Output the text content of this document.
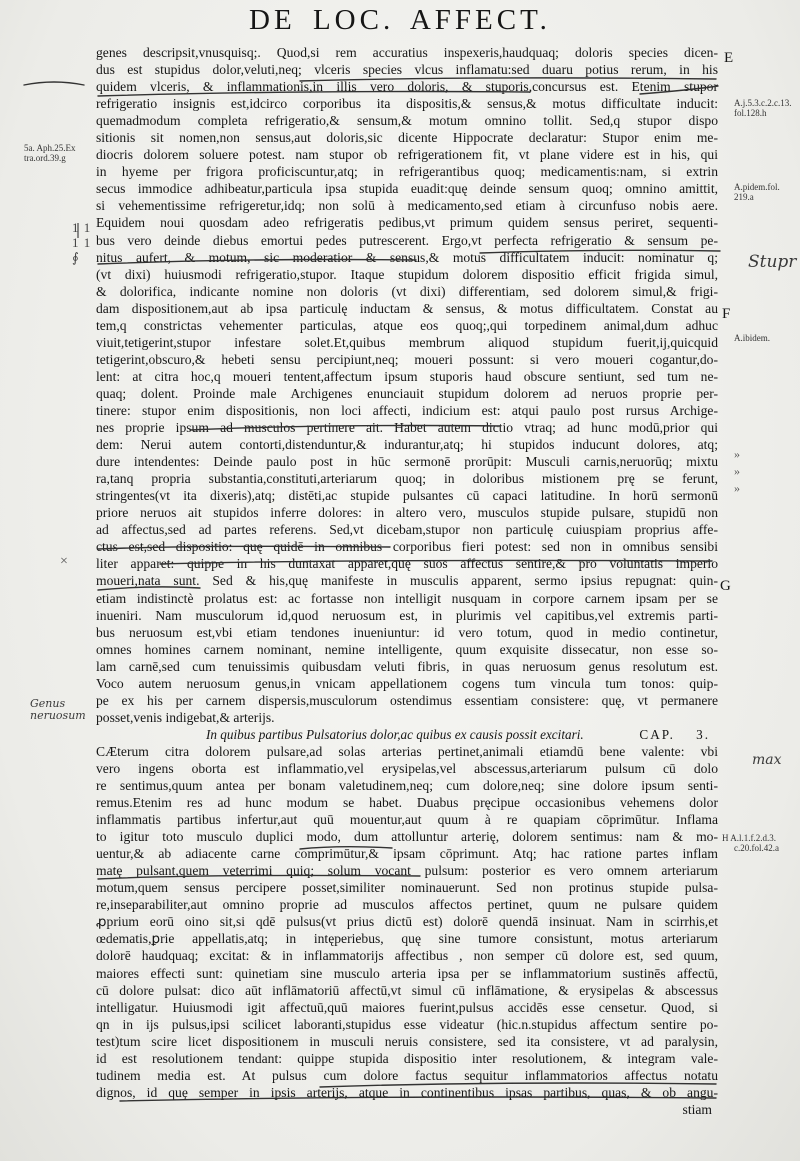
DE LOC. AFFECT.
genes descripsit,vnusquisq;. Quod,si rem accuratius inspexeris,haudquaq; doloris species dicen-
dus est stupidus dolor,veluti,neq; vlceris species vlcus inflamatu:sed duaru potius rerum, in his
quidem vlceris, & inflammationis,in illis vero doloris, & stuporis,concursus est. Etenim stupor
refrigeratio insignis est,idcirco corporibus ita dispositis,& sensus,& motus difficultate inducit:
quemadmodum completa refrigeratio,& sensum,& motum omnino tollit. Sed,q stupor dispo
sitionis sit nomen,non sensus,aut doloris,sic dicente Hippocrate declaratur: Stupor enim me-
diocris dolorem soluere potest. nam stupor ob refrigerationem fit, vt plane videre est in his, qui
in hyeme per frigora proficiscuntur,atq; in refrigerantibus quoq; medicamentis:nam, si extrin
secus immodice adhibeatur,particula ipsa stupida euadit:quę deinde sensum quoq; omnino amittit,
si vehementissime refrigeretur,idq; non solū à medicamento,sed etiam à circunfuso nobis aere.
Equidem noui quosdam adeo refrigeratis pedibus,vt primum quidem sensus periret, sequenti-
bus vero deinde diebus emortui pedes putrescerent. Ergo,vt perfecta refrigeratio & sensum pe-
nitus aufert, & motum, sic moderatior & sensus,& motus difficultatem inducit: nominatur q;
(vt dixi) huiusmodi refrigeratio,stupor. Itaque stupidum dolorem dispositio efficit frigida simul,
& dolorifica, indicante nomine non doloris (vt dixi) differentiam, sed dolorem simul,& frigi-
dam dispositionem,aut ab ipsa particulę inductam & sensus, & motus difficultatem. Constat au
tem,q constrictas vehementer particulas, atque eos quoq;,qui torpedinem animal,dum adhuc
viuit,tetigerint,stupor infestare solet.Et,quibus membrum aliquod stupidum fuerit,ij,quicquid
tetigerint,obscuro,& hebeti sensu percipiunt,neq; moueri possunt: si vero moueri cogantur,do-
lent: at citra hoc,q moueri tentent,affectum ipsum stuporis haud obscure sentiunt, sed tum ne-
quaq; dolent. Proinde male Archigenes enunciauit stupidum dolorem ad neruos proprie per-
tinere: stupor enim dispositionis, non loci affecti, indicium est: atqui paulo post rursus Archige-
nes proprie ipsum ad musculos pertinere ait. Habet autem dictio vtraq; ad hunc modū,prior qui
dem: Nerui autem contorti,distenduntur,& indurantur,atq; hi stupidos inducunt dolores, atq;
dure intendentes: Deinde paulo post in hūc sermonē prorūpit: Musculi carnis,neruorūq; mixtu
ra,tanq propria substantia,constituti,arteriarum quoq; in doloribus mistionem prę se ferunt,
stringentes(vt ita dixeris),atq; distēti,ac stupide pulsantes cū capaci latitudine. In horū sermonū
priore neruos ait stupidos inferre dolores: in altero vero, musculos stupide pulsare, stupidū non
ad affectus,sed ad partes referens. Sed,vt dicebam,stupor non particulę cuiuspiam proprius affe-
ctus est,sed dispositio: quę quidē in omnibus corporibus fieri potest: sed non in omnibus sensibi
liter apparet: quippe in his duntaxat apparet,quę suos affectus sentire,& pro voluntatis imperio
moueri,nata sunt. Sed & his,quę manifeste in musculis apparent, sermo ipsius repugnat: quin-
etiam indistinctè prolatus est: ac fortasse non intelligit nusquam in corpore carnem ipsam per se
inueniri. Nam musculorum id,quod neruosum est, in plurimis vel capitibus,vel extremis parti-
bus neruosum est,vbi etiam tendones inueniuntur: id vero totum, quod in medio continetur,
omnes homines carnem nominant, nemine intelligente, quum exquisite dissecatur, non esse so-
lam carnē,sed cum tenuissimis quibusdam veluti fibris, in quas neruosum genus resolutum est.
Voco autem neruosum genus,in vnicam appellationem cogens tum vincula tum tonos: quip-
pe ex his per carnem dispersis,musculorum ostendimus essentiam consistere: quę, vt permanere
posset,venis indigebat,& arterijs.
In quibus partibus Pulsatorius dolor,ac quibus ex causis possit excitari.	CAP. 3.
CÆterum citra dolorem pulsare,ad solas arterias pertinet,animali etiamdū bene valente: vbi
vero ingens oborta est inflammatio,vel erysipelas,vel abscessus,arteriarum pulsum cū dolo
re sentimus,quum antea per bonam valetudinem,neq; cum dolore,neq; sine dolore ipsum senti-
remus.Etenim res ad hunc modum se habet. Duabus pręcipue occasionibus vehemens dolor
inflammatis partibus infertur,aut quū mouentur,aut quum à re quapiam cōprimūtur. Inflama
to igitur toto musculo duplici modo, dum attolluntur arterię, dolorem sentimus: nam & mo-
uentur,& ab adiacente carne comprimūtur,& ipsam cōprimunt. Atq; hac ratione partes inflam
matę pulsant,quem veterrimi quiq; solum vocant pulsum: posterior es vero omnem arteriarum
motum,quem sensus percipere posset,similiter nominauerunt. Sed non protinus stupide pulsa-
re,inseparabiliter,aut omnino proprie ad musculos affectos pertinet, quum ne pulsare quidem
ꝓprium eorū oino sit,si qdē pulsus(vt prius dictū est) dolorē quendā insinuat. Nam in scirrhis,et
œdematis,ꝑrie appellatis,atq; in intęperiebus, quę sine tumore consistunt, motus arteriarum
dolorē haudquaq; excitat: & in inflammatorijs affectibus , non semper cū dolore est, sed quum,
maiores effecti sunt: quinetiam sine musculo arteria ipsa per se inflammatorium sustinēs affectū,
cū dolore pulsat: dico aūt inflāmatoriū affectū,vt simul cū inflāmatione, & erysipelas & abscessus
intelligatur. Huiusmodi igit affectuū,quū maiores fuerint,pulsus accidēs esse censetur. Quod, si
qn in ijs pulsus,ipsi scilicet laboranti,stupidus esse videatur (hic.n.stupidus affectum sentire po-
test)tum scire licet dispositionem in musculi neruis consistere, sed ita consistere, vt ad paralysin,
id est resolutionem tendant: quippe stupida dispositio inter resolutionem, & integram vale-
tudinem media est. At pulsus cum dolore factus sequitur inflammatorios affectus notatu
dignos, id quę semper in ipsis arterijs, atque in continentibus ipsas partibus, quas, & ob angu-
stiam
E
F
G
5a. Aph.25.Ex
tra.ord.39.g
A.j.5.3.c.2.c.13.
fol.128.h
A.pidem.fol.
219.a
A.ibidem.
H A.l.1.f.2.d.3.
c.20.fol.42.a
Stupr
Genus
neruosum
max
1 1 1 1 ∮
×
»
»
»
